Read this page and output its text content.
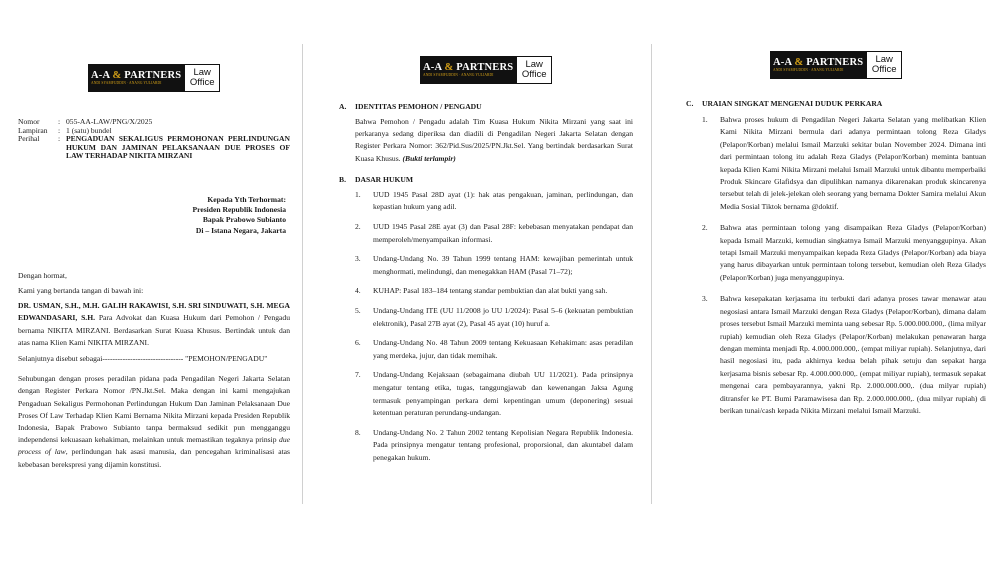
A-A & PARTNERS
ANDI SYAMFUDDIN · ANANG YULIARDI
Law
Office
Nomor	: 055-AA-LAW/PNG/X/2025
Lampiran	: 1 (satu) bundel
Perihal	: PENGADUAN SEKALIGUS PERMOHONAN PERLINDUNGAN HUKUM DAN JAMINAN PELAKSANAAN DUE PROSES OF LAW TERHADAP NIKITA MIRZANI
Kepada Yth Terhormat:
Presiden Republik Indonesia
Bapak Prabowo Subianto
Di – Istana Negara, Jakarta

Dengan hormat,

Kami yang bertanda tangan di bawah ini:

DR. USMAN, S.H., M.H. GALIH RAKAWISI, S.H. SRI SINDUWATI, S.H. MEGA EDWANDASARI, S.H. Para Advokat dan Kuasa Hukum dari Pemohon / Pengadu bernama NIKITA MIRZANI. Berdasarkan Surat Kuasa Khusus. Bertindak untuk dan atas nama Klien Kami NIKITA MIRZANI.

Selanjutnya disebut sebagai-------------------------------- "PEMOHON/PENGADU"

Sehubungan dengan proses peradilan pidana pada Pengadilan Negeri Jakarta Selatan dengan Register Perkara Nomor /PN.Jkt.Sel. Maka dengan ini kami mengajukan Pengaduan Sekaligus Permohonan Perlindungan Hukum Dan Jaminan Pelaksanaan Due Proses Of Law Terhadap Klien Kami Bernama Nikita Mirzani kepada Presiden Republik Indonesia, Bapak Prabowo Subianto tanpa bermaksud sedikit pun mengganggu independensi kekuasaan kehakiman, melainkan untuk memastikan tegaknya prinsip due process of law, perlindungan hak asasi manusia, dan pencegahan kriminalisasi atas kebebasan berekspresi yang dijamin konstitusi.

A-A & PARTNERS
ANDI SYAMFUDDIN · ANANG YULIARDI
Law
Office
A.	IDENTITAS PEMOHON / PENGADU

Bahwa Pemohon / Pengadu adalah Tim Kuasa Hukum Nikita Mirzani yang saat ini perkaranya sedang diperiksa dan diadili di Pengadilan Negeri Jakarta Selatan dengan Register Perkara Nomor: 362/Pid.Sus/2025/PN.Jkt.Sel. Yang bertindak berdasarkan Surat Kuasa Khusus. (Bukti terlampir)

B.	DASAR HUKUM
1.	UUD 1945 Pasal 28D ayat (1): hak atas pengakuan, jaminan, perlindungan, dan kepastian hukum yang adil.
2.	UUD 1945 Pasal 28E ayat (3) dan Pasal 28F: kebebasan menyatakan pendapat dan memperoleh/menyampaikan informasi.
3.	Undang-Undang No. 39 Tahun 1999 tentang HAM: kewajiban pemerintah untuk menghormati, melindungi, dan menegakkan HAM (Pasal 71–72);
4.	KUHAP: Pasal 183–184 tentang standar pembuktian dan alat bukti yang sah.
5.	Undang-Undang ITE (UU 11/2008 jo UU 1/2024): Pasal 5–6 (kekuatan pembuktian elektronik), Pasal 27B ayat (2), Pasal 45 ayat (10) huruf a.
6.	Undang-Undang No. 48 Tahun 2009 tentang Kekuasaan Kehakiman: asas peradilan yang merdeka, jujur, dan tidak memihak.
7.	Undang-Undang Kejaksaan (sebagaimana diubah UU 11/2021). Pada prinsipnya mengatur tentang etika, tugas, tanggungjawab dan kewenangan Jaksa Agung termasuk penyampingan perkara demi kepentingan umum (deponering) sesuai ketentuan peraturan perundang-undangan.
8.	Undang-Undang No. 2 Tahun 2002 tentang Kepolisian Negara Republik Indonesia. Pada prinsipnya mengatur tentang profesional, proporsional, dan akuntabel dalam penegakan hukum.
A-A & PARTNERS
ANDI SYAMFUDDIN · ANANG YULIARDI
Law
Office
C.	URAIAN SINGKAT MENGENAI DUDUK PERKARA
1.	Bahwa proses hukum di Pengadilan Negeri Jakarta Selatan yang melibatkan Klien Kami Nikita Mirzani bermula dari adanya permintaan tolong Reza Gladys (Pelapor/Korban) melalui Ismail Marzuki sekitar bulan November 2024. Dimana inti dari permintaan tolong itu adalah Reza Gladys (Pelapor/Korban) meminta bantuan kepada Klien Kami Nikita Mirzani melalui Ismail Marzuki untuk dibantu memperbaiki Produk Skincare Glafidsya dan dipulihkan namanya dikarenakan produk skincarenya tersebut telah di jelek-jelekan oleh seorang yang bernama Dokter Samira melalui Akun Media Sosial Tiktok bernama @doktif.
2.	Bahwa atas permintaan tolong yang disampaikan Reza Gladys (Pelapor/Korban) kepada Ismail Marzuki, kemudian singkatnya Ismail Marzuki menyanggupinya. Akan tetapi Ismail Marzuki menyampaikan kepada Reza Gladys (Pelapor/Korban) ada biaya yang harus dibayarkan untuk permintaan tolong tersebut, kemudian oleh Reza Gladys (Pelapor/Korban) juga menyanggupinya.
3.	Bahwa kesepakatan kerjasama itu terbukti dari adanya proses tawar menawar atau negosiasi antara Ismail Marzuki dengan Reza Gladys (Pelapor/Korban), dimana dalam proses tersebut Ismail Marzuki meminta uang sebesar Rp. 5.000.000.000,. (lima milyar rupiah) kemudian oleh Reza Gladys (Pelapor/Korban) melakukan penawaran harga dengan meminta menjadi Rp. 4.000.000.000,. (empat miliyar rupiah). Selanjutnya, dari hasil negosiasi itu, pada akhirnya kedua belah pihak setuju dan sepakat harga kerjasama bisnis sebesar Rp. 4.000.000.000,. (empat miliyar rupiah), termasuk sepakat mengenai cara pembayarannya, yakni Rp. 2.000.000.000,. (dua milyar rupiah) ditransfer ke PT. Bumi Paramawisesa dan Rp. 2.000.000.000,. (dua milyar rupiah) di berikan tunai/cash kepada Nikita Mirzani melalui Ismail Marzuki.
